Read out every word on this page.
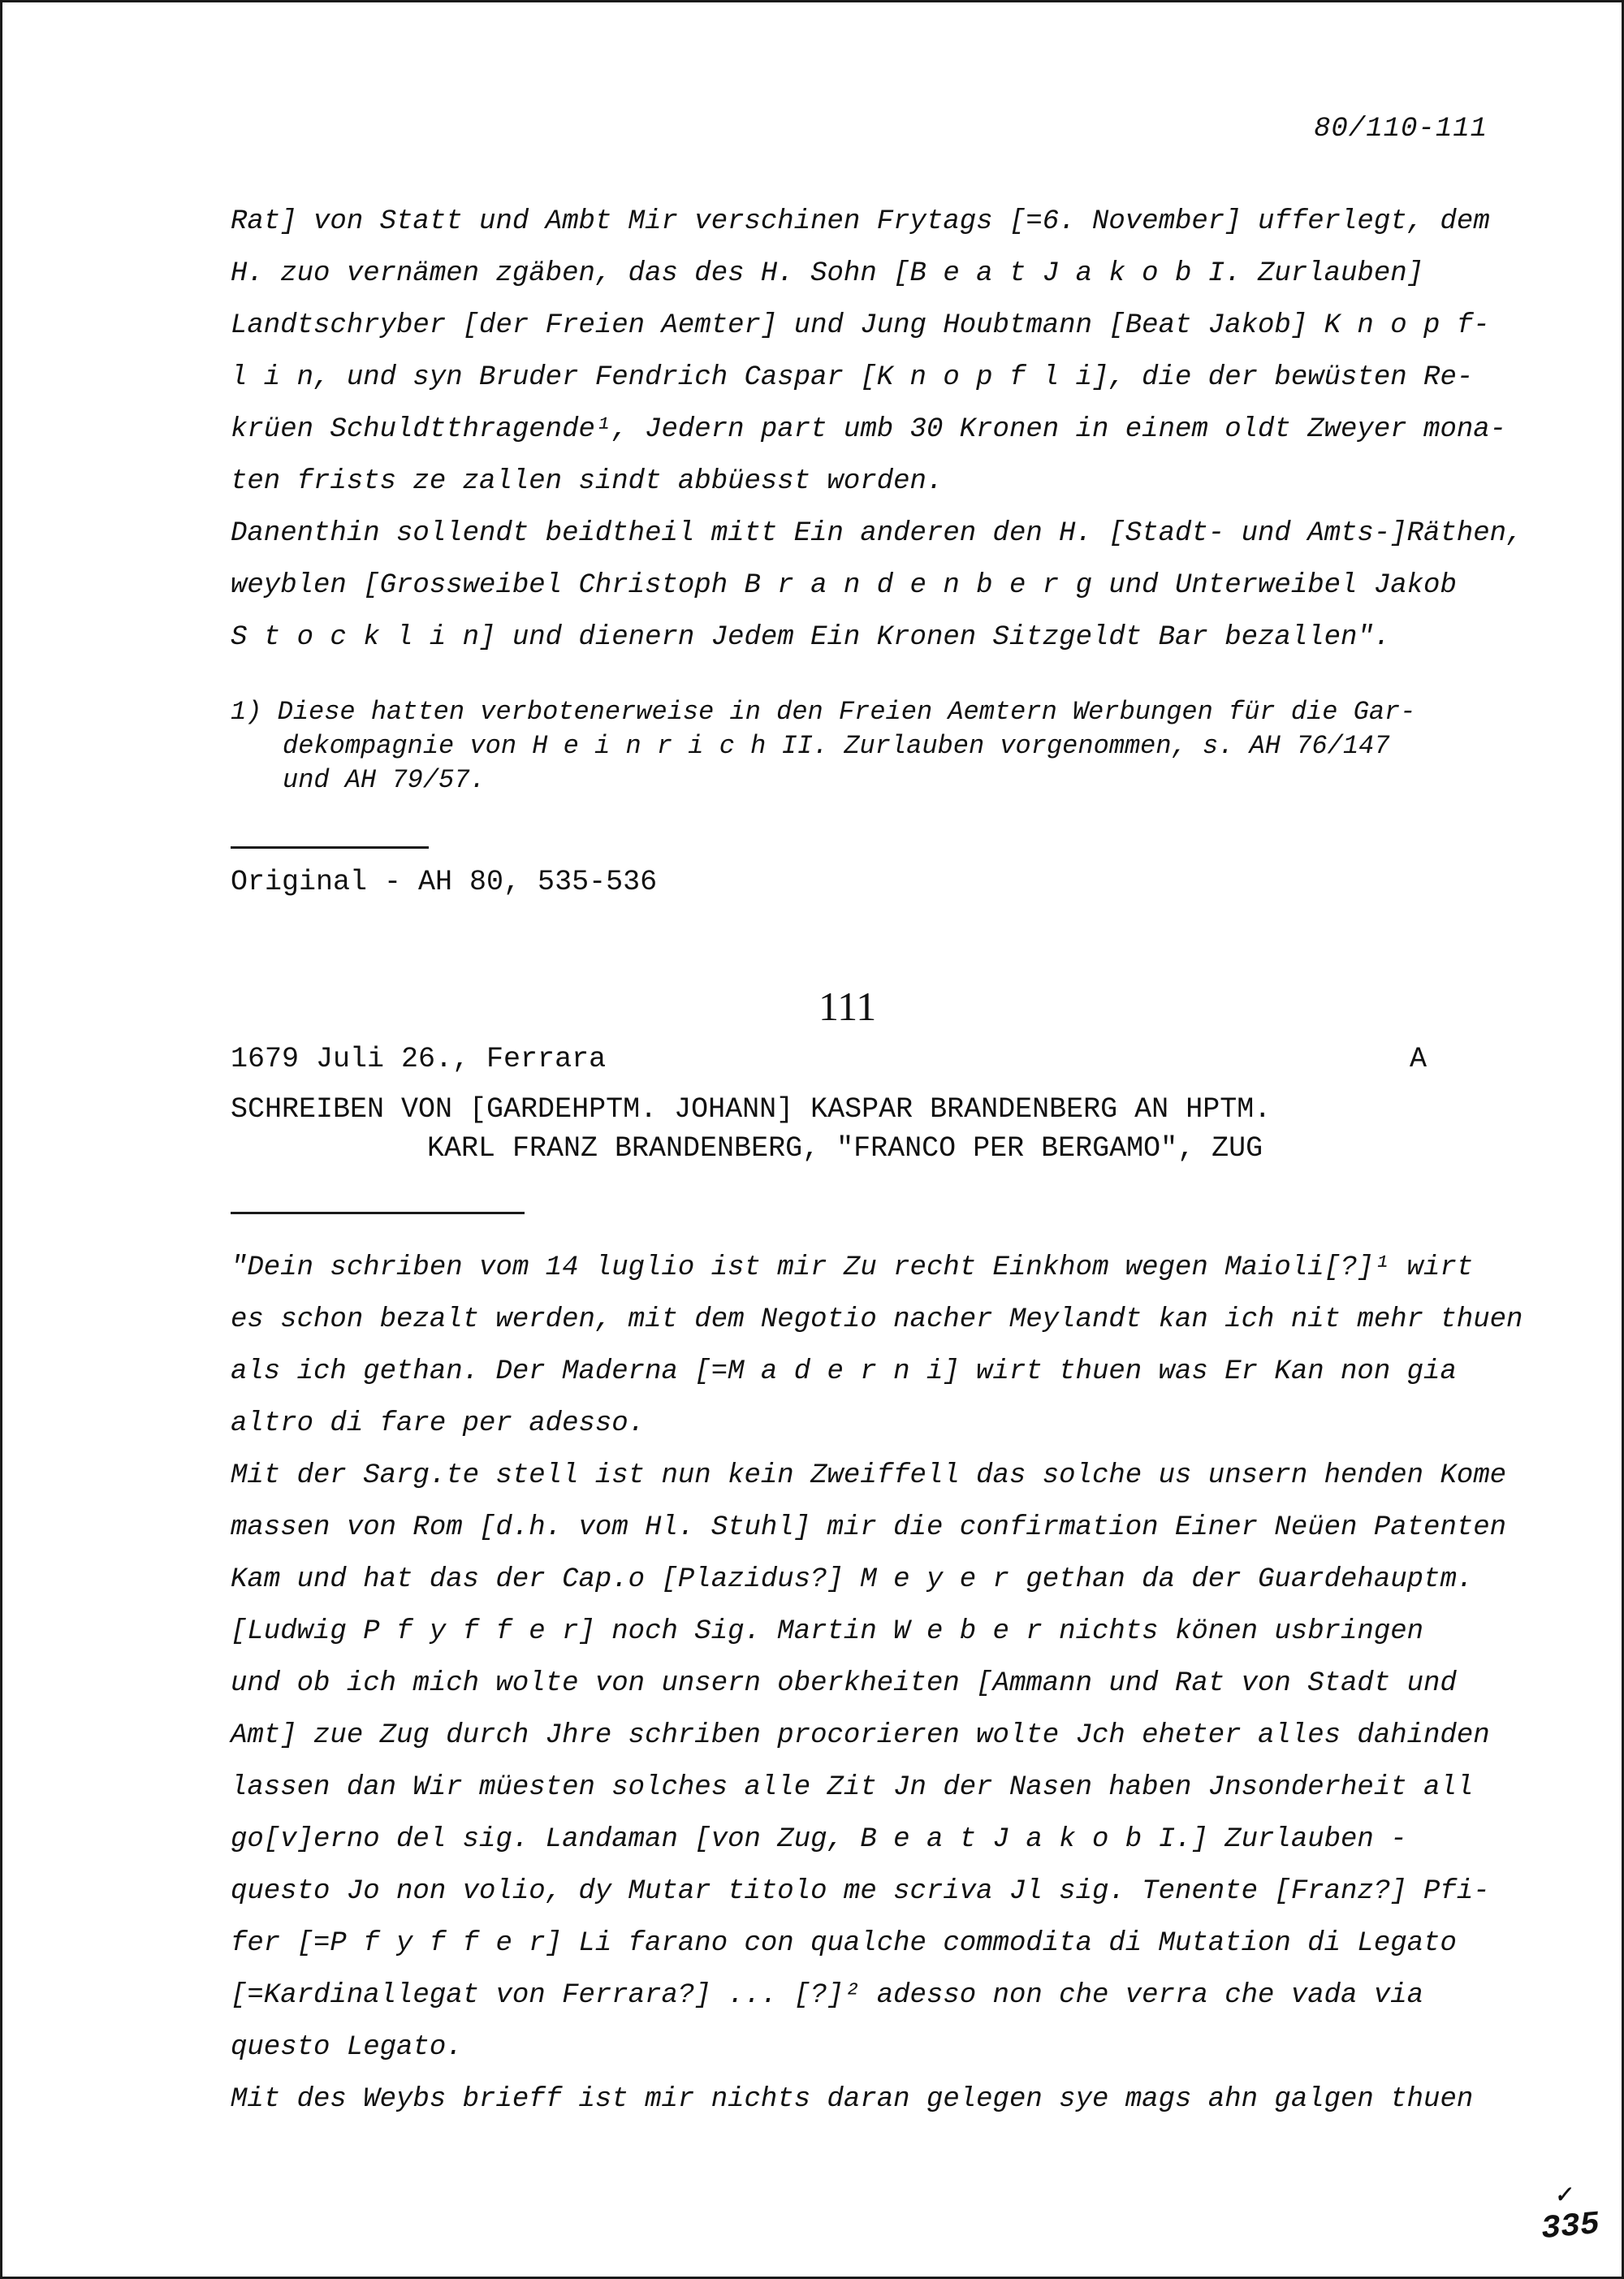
80/110-111
Rat] von Statt und Ambt Mir verschinen Frytags [=6. November] ufferlegt, dem
H. zuo vernämen zgäben, das des H. Sohn [B e a t J a k o b I. Zurlauben]
Landtschryber [der Freien Aemter] und Jung Houbtmann [Beat Jakob] K n o p f-
l i n, und syn Bruder Fendrich Caspar [K n o p f l i], die der bewüsten Re-
krüen Schuldtthragende¹, Jedern part umb 30 Kronen in einem oldt Zweyer mona-
ten frists ze zallen sindt abbüesst worden.
Danenthin sollendt beidtheil mitt Ein anderen den H. [Stadt- und Amts-]Räthen,
weyblen [Grossweibel Christoph B r a n d e n b e r g und Unterweibel Jakob
S t o c k l i n] und dienern Jedem Ein Kronen Sitzgeldt Bar bezallen".
1) Diese hatten verbotenerweise in den Freien Aemtern Werbungen für die Gar-
dekompagnie von H e i n r i c h II. Zurlauben vorgenommen, s. AH 76/147
und AH 79/57.
Original - AH 80, 535-536
111
1679 Juli 26., Ferrara	A
SCHREIBEN VON [GARDEHPTM. JOHANN] KASPAR BRANDENBERG AN HPTM.
KARL FRANZ BRANDENBERG, "FRANCO PER BERGAMO", ZUG
"Dein schriben vom 14 luglio ist mir Zu recht Einkhom wegen Maioli[?]¹ wirt
es schon bezalt werden, mit dem Negotio nacher Meylandt kan ich nit mehr thuen
als ich gethan. Der Maderna [=M a d e r n i] wirt thuen was Er Kan non gia
altro di fare per adesso.
Mit der Sarg.te stell ist nun kein Zweiffell das solche us unsern henden Kome
massen von Rom [d.h. vom Hl. Stuhl] mir die confirmation Einer Neüen Patenten
Kam und hat das der Cap.o [Plazidus?] M e y e r gethan da der Guardehauptm.
[Ludwig P f y f f e r] noch Sig. Martin W e b e r nichts könen usbringen
und ob ich mich wolte von unsern oberkheiten [Ammann und Rat von Stadt und
Amt] zue Zug durch Jhre schriben procorieren wolte Jch eheter alles dahinden
lassen dan Wir müesten solches alle Zit Jn der Nasen haben Jnsonderheit all
go[v]erno del sig. Landaman [von Zug, B e a t J a k o b I.] Zurlauben -
questo Jo non volio, dy Mutar titolo me scriva Jl sig. Tenente [Franz?] Pfi-
fer [=P f y f f e r] Li farano con qualche commodita di Mutation di Legato
[=Kardinallegat von Ferrara?] ... [?]² adesso non che verra che vada via
questo Legato.
Mit des Weybs brieff ist mir nichts daran gelegen sye mags ahn galgen thuen
335
✓
